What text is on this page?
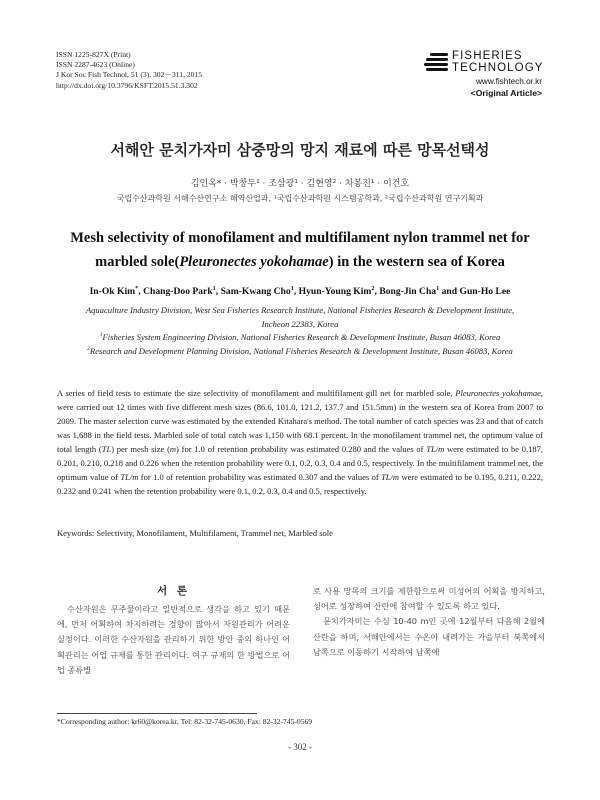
ISSN 1225-827X (Print)
ISSN 2287-4623 (Online)
J Kor Soc Fish Technol, 51 (3), 302－311, 2015
http://dx.doi.org/10.3796/KSFT.2015.51.3.302
FISHERIES
TECHNOLOGY
www.fishtech.or.kr
<Original Article>
서해안 문치가자미 삼중망의 망지 재료에 따른 망목선택성
김인옥* · 박창두¹ · 조삼광¹ · 김현영² · 차봉진¹ · 이건호
국립수산과학원 서해수산연구소 해역산업과, ¹국립수산과학원 시스템공학과, ²국립수산과학원 연구기획과
Mesh selectivity of monofilament and multifilament nylon trammel net for
marbled sole(Pleuronectes yokohamae) in the western sea of Korea
In-Ok Kim*, Chang-Doo Park$^1$, Sam-Kwang Cho$^1$, Hyun-Young Kim$^2$, Bong-Jin Cha$^1$ and Gun-Ho Lee
Aquaculture Industry Division, West Sea Fisheries Research Institute, National Fisheries Research & Development Institute,
Incheon 22383, Korea
$^1$Fisheries System Engineering Division, National Fisheries Research & Development Institute, Busan 46083, Korea
$^2$Research and Development Planning Division, National Fisheries Research & Development Institute, Busan 46083, Korea
A series of field tests to estimate the size selectivity of monofilament and multifilament gill net for marbled sole, Pleuronectes yokohamae, were carried out 12 times with five different mesh sizes (86.6, 101.0, 121.2, 137.7 and 151.5mm) in the western sea of Korea from 2007 to 2009. The master selection curve was estimated by the extended Kitahara's method. The total number of catch species was 23 and that of catch was 1,688 in the field tests. Marbled sole of total catch was 1,150 with 68.1 percent. In the monofilament trammel net, the optimum value of total length (TL) per mesh size (m) for 1.0 of retention probability was estimated 0.280 and the values of TL/m were estimated to be 0.187, 0.201, 0.210, 0.218 and 0.226 when the retention probability were 0.1, 0.2, 0.3, 0.4 and 0.5, respectively. In the multifilament trammel net, the optimum value of TL/m for 1.0 of retention probability was estimated 0.307 and the values of TL/m were estimated to be 0.195, 0.211, 0.222, 0.232 and 0.241 when the retention probability were 0.1, 0.2, 0.3, 0.4 and 0.5, respectively.
Keywords: Selectivity, Monofilament, Multifilament, Trammel net, Marbled sole
서 론

수산자원은 무주물이라고 일반적으로 생각을 하고 있기 때문에, 먼저 어획하여 차지하려는 경향이 많아서 자원관리가 어려운 실정이다. 이러한 수산자원을 관리하기 위한 방안 중의 하나인 어획관리는 어업 규제를 통한 관리이다. 여구 규제의 한 방법으로 어업 종류별

로 사용 망목의 크기를 제한함으로써 미성어의 어획을 방지하고, 성어로 성장하여 산란에 참여할 수 있도록 하고 있다.

문치가자미는 수심 10-40 m인 곳에 12월부터 다음해 2월에 산란을 하며, 서해안에서는 수온이 내려가는 가을부터 북쪽에서 남쪽으로 이동하기 시작하여 남쪽에

*Corresponding author: kr60@korea.kr, Tel: 82-32-745-0630, Fax: 82-32-745-0569
- 302 -
